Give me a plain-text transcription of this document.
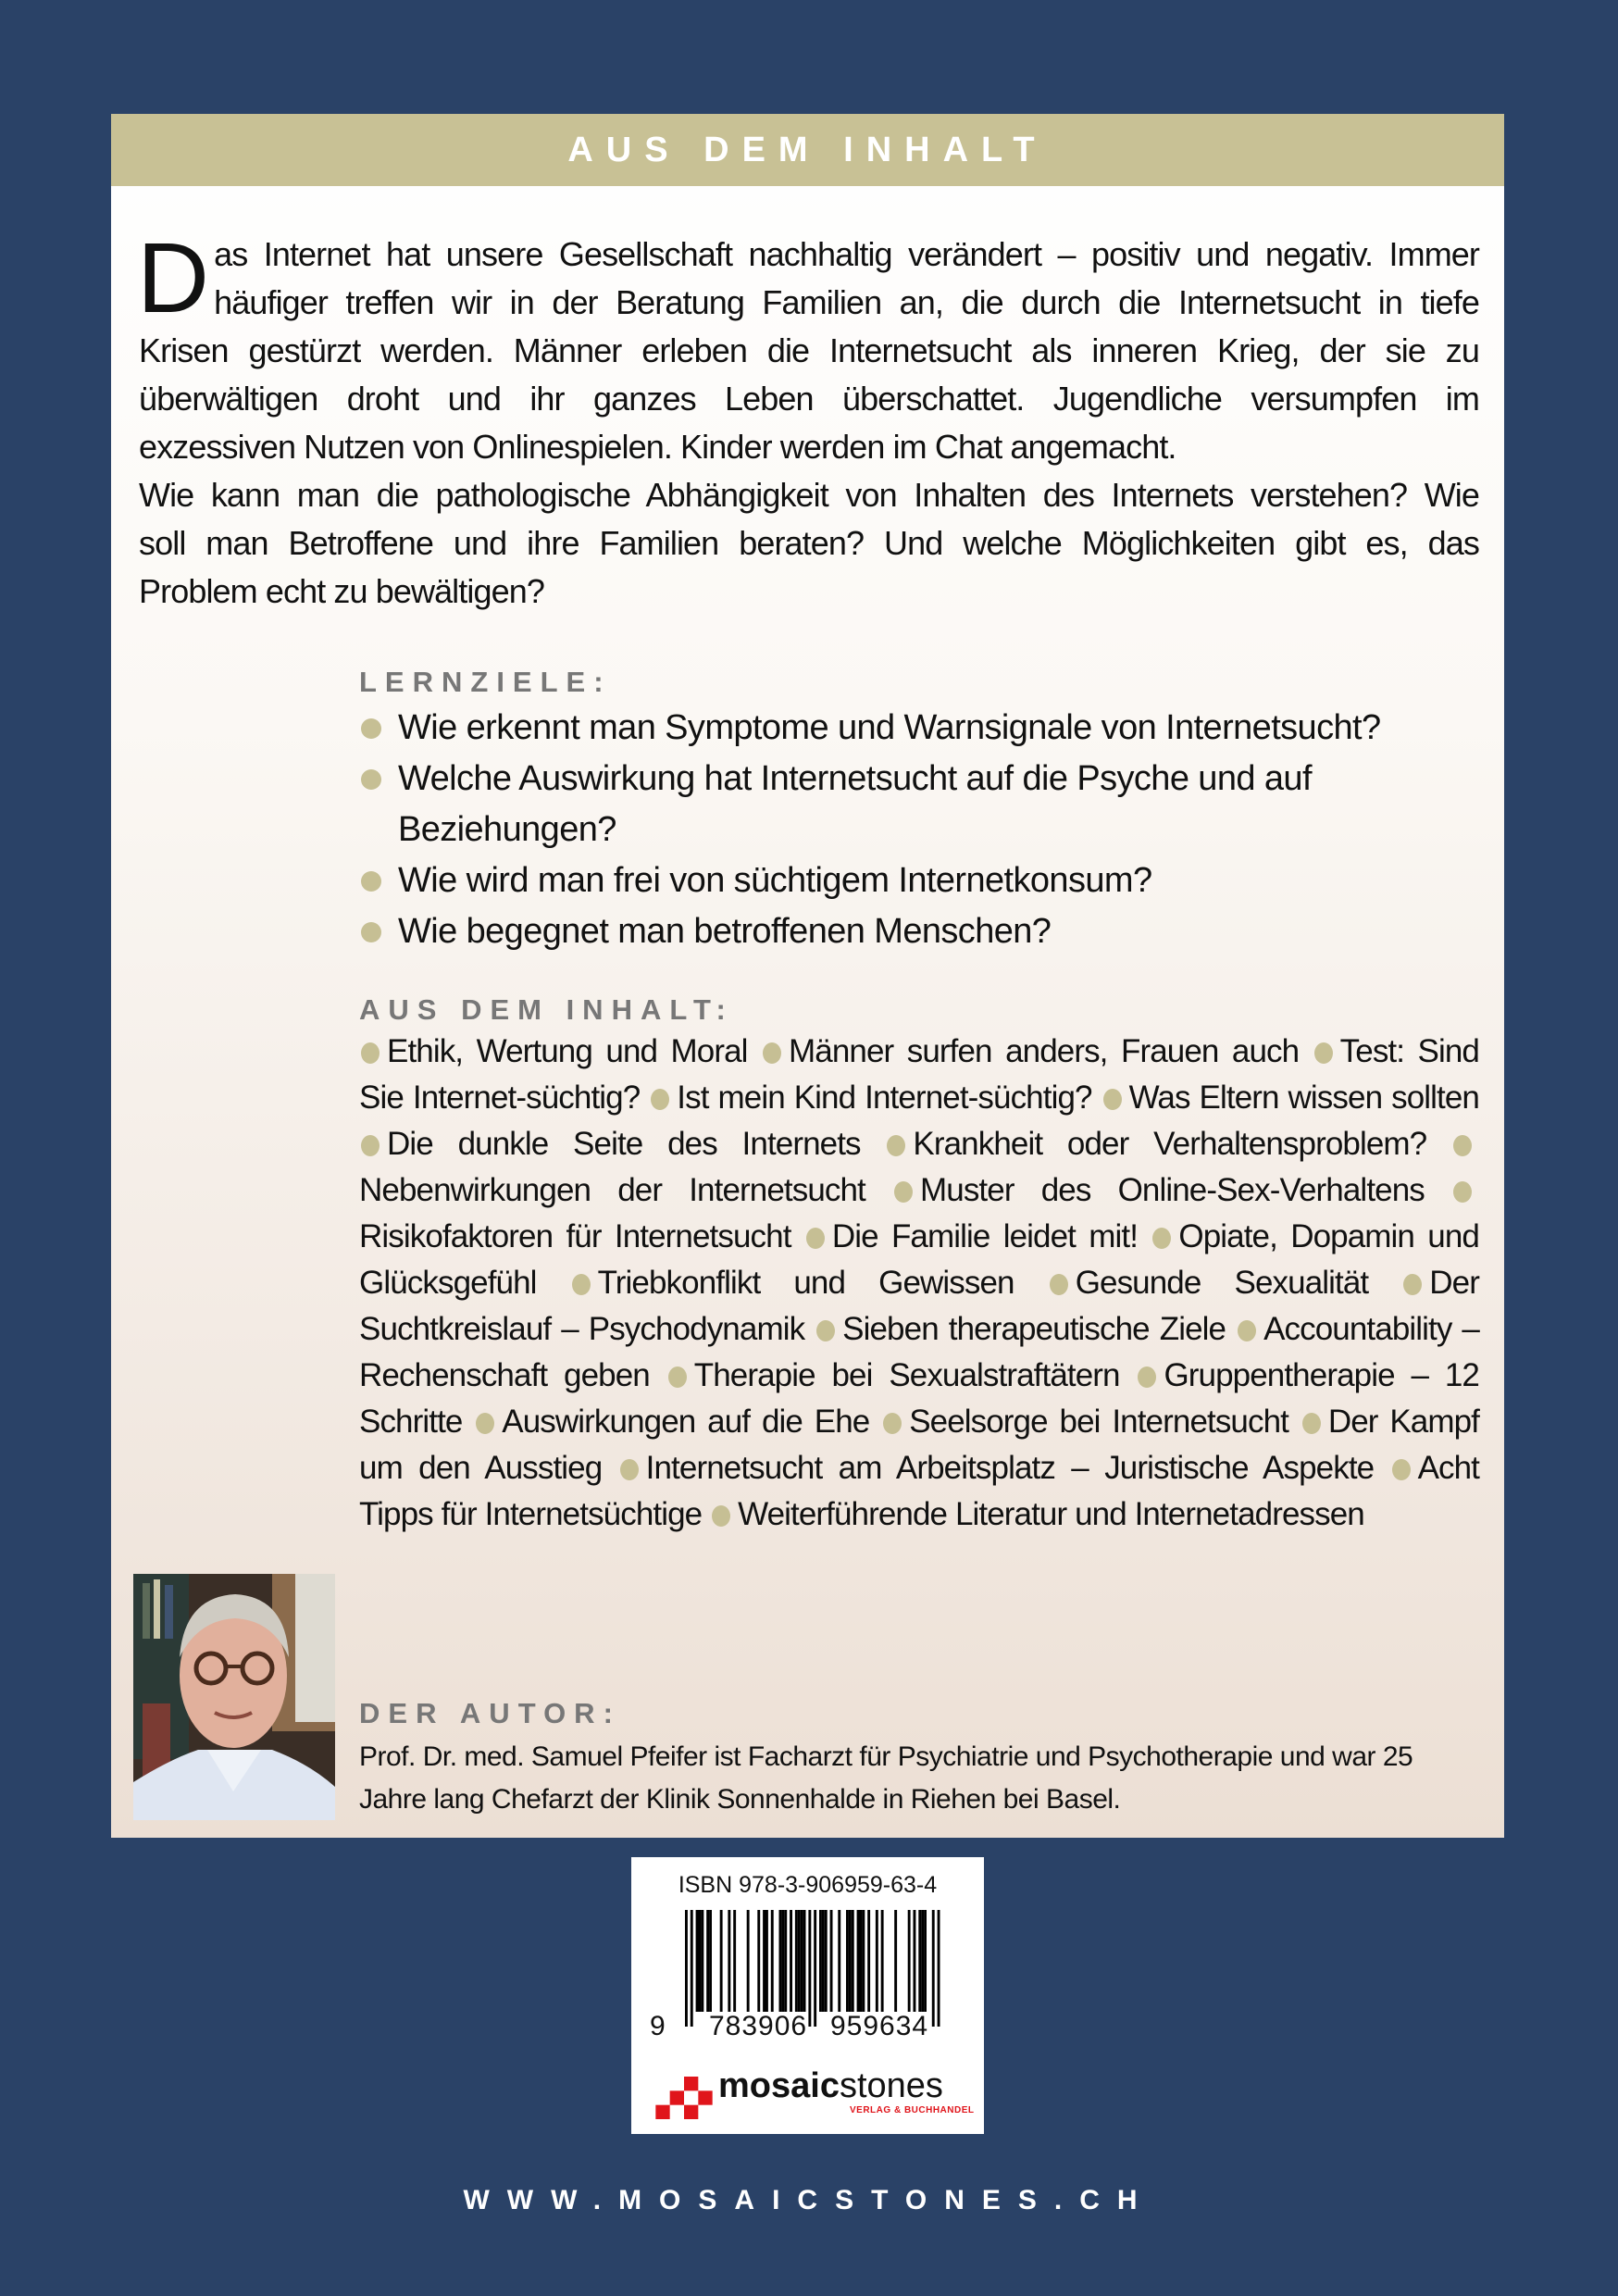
AUS DEM INHALT
D as Internet hat unsere Gesellschaft nachhaltig verändert – positiv und negativ. Immer
häufiger treffen wir in der Beratung Familien an, die durch die Internetsucht in tiefe
Krisen gestürzt werden. Männer erleben die Internetsucht als inneren Krieg, der sie zu
überwältigen droht und ihr ganzes Leben überschattet. Jugendliche versumpfen im
exzessiven Nutzen von Onlinespielen. Kinder werden im Chat angemacht.
Wie kann man die pathologische Abhängigkeit von Inhalten des Internets verstehen? Wie
soll man Betroffene und ihre Familien beraten? Und welche Möglichkeiten gibt es, das
Problem echt zu bewältigen?
LERNZIELE:
Wie erkennt man Symptome und Warnsignale von Internetsucht?
Welche Auswirkung hat Internetsucht auf die Psyche und auf Beziehungen?
Wie wird man frei von süchtigem Internetkonsum?
Wie begegnet man betroffenen Menschen?
AUS DEM INHALT:
Ethik, Wertung und Moral Männer surfen anders, Frauen auch Test: Sind Sie Internet-süchtig? Ist mein Kind Internet-süchtig? Was Eltern wissen sollten Die dunkle Seite des Internets Krankheit oder Verhaltensproblem? Nebenwirkungen der Internetsucht Muster des Online-Sex-Verhaltens Risikofaktoren für Internetsucht Die Familie leidet mit! Opiate, Dopamin und Glücksgefühl Triebkonflikt und Gewissen Gesunde Sexualität Der Suchtkreislauf – Psychodynamik Sieben therapeutische Ziele Accountability – Rechenschaft geben Therapie bei Sexualstraftätern Gruppentherapie – 12 Schritte Auswirkungen auf die Ehe Seelsorge bei Internetsucht Der Kampf um den Ausstieg Internetsucht am Arbeitsplatz – Juristische Aspekte Acht Tipps für Internetsüchtige Weiterführende Literatur und Internetadressen
DER AUTOR:
Prof. Dr. med. Samuel Pfeifer ist Facharzt für Psychiatrie und Psychotherapie und war 25 Jahre lang Chefarzt der Klinik Sonnenhalde in Riehen bei Basel.
ISBN 978-3-906959-63-4
9 783906 959634
mosaicstones
VERLAG & BUCHHANDEL
WWW.MOSAICSTONES.CH
